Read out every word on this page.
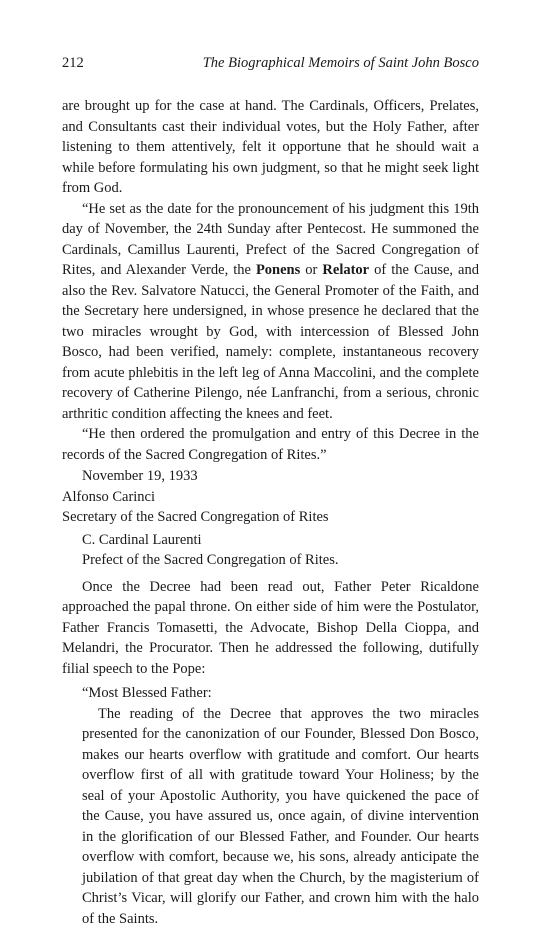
212	The Biographical Memoirs of Saint John Bosco

are brought up for the case at hand. The Cardinals, Officers, Prelates, and Consultants cast their individual votes, but the Holy Father, after listening to them attentively, felt it opportune that he should wait a while before formulating his own judgment, so that he might seek light from God.

“He set as the date for the pronouncement of his judgment this 19th day of November, the 24th Sunday after Pentecost. He summoned the Cardinals, Camillus Laurenti, Prefect of the Sacred Congregation of Rites, and Alexander Verde, the Ponens or Relator of the Cause, and also the Rev. Salvatore Natucci, the General Promoter of the Faith, and the Secretary here undersigned, in whose presence he declared that the two miracles wrought by God, with intercession of Blessed John Bosco, had been verified, namely: complete, instantaneous recovery from acute phlebitis in the left leg of Anna Maccolini, and the complete recovery of Catherine Pilengo, née Lanfranchi, from a serious, chronic arthritic condition affecting the knees and feet.

“He then ordered the promulgation and entry of this Decree in the records of the Sacred Congregation of Rites.”

November 19, 1933

Alfonso Carinci

Secretary of the Sacred Congregation of Rites

C. Cardinal Laurenti

Prefect of the Sacred Congregation of Rites.

Once the Decree had been read out, Father Peter Ricaldone approached the papal throne. On either side of him were the Postulator, Father Francis Tomasetti, the Advocate, Bishop Della Cioppa, and Melandri, the Procurator. Then he addressed the following, dutifully filial speech to the Pope:

“Most Blessed Father:

The reading of the Decree that approves the two miracles presented for the canonization of our Founder, Blessed Don Bosco, makes our hearts overflow with gratitude and comfort. Our hearts overflow first of all with gratitude toward Your Holiness; by the seal of your Apostolic Authority, you have quickened the pace of the Cause, you have assured us, once again, of divine intervention in the glorification of our Blessed Father, and Founder. Our hearts overflow with comfort, because we, his sons, already anticipate the jubilation of that great day when the Church, by the magisterium of Christ’s Vicar, will glorify our Father, and crown him with the halo of the Saints.
